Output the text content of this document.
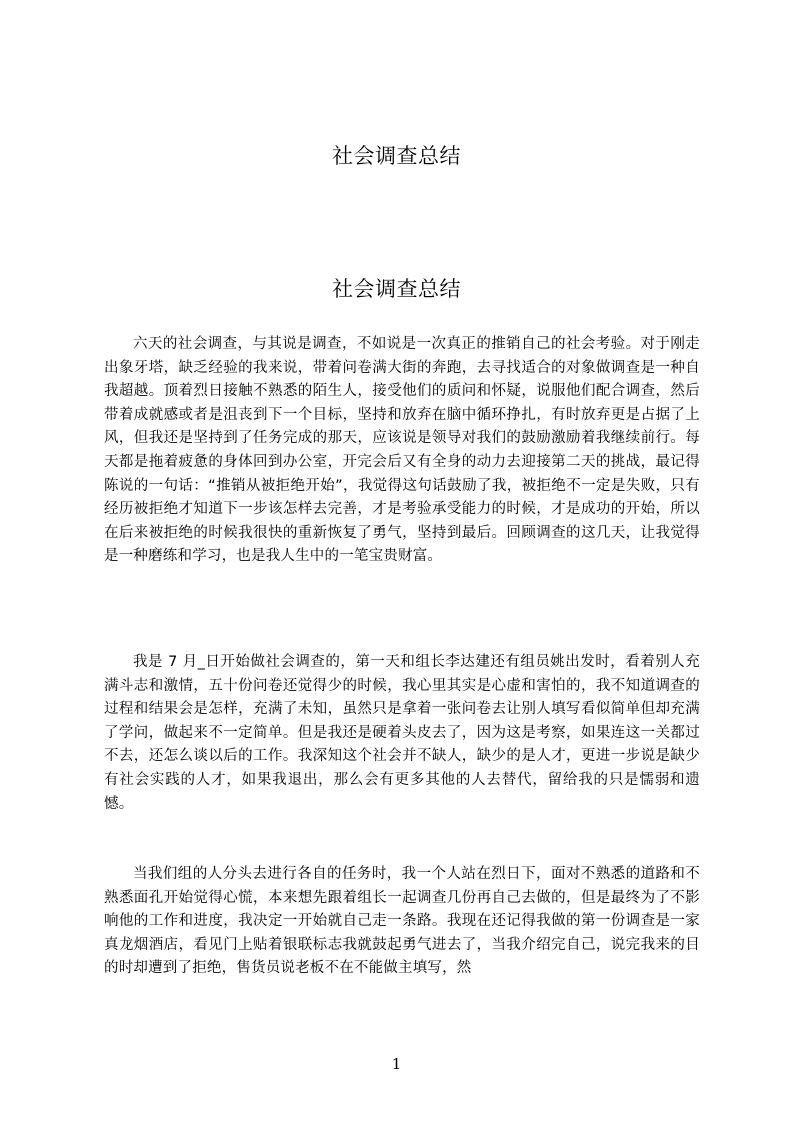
社会调查总结
社会调查总结

六天的社会调查，与其说是调查，不如说是一次真正的推销自己的社会考验。对于刚走出象牙塔，缺乏经验的我来说，带着问卷满大街的奔跑，去寻找适合的对象做调查是一种自我超越。顶着烈日接触不熟悉的陌生人，接受他们的质问和怀疑，说服他们配合调查，然后带着成就感或者是沮丧到下一个目标，坚持和放弃在脑中循环挣扎，有时放弃更是占据了上风，但我还是坚持到了任务完成的那天，应该说是领导对我们的鼓励激励着我继续前行。每天都是拖着疲惫的身体回到办公室，开完会后又有全身的动力去迎接第二天的挑战，最记得陈说的一句话：“推销从被拒绝开始”，我觉得这句话鼓励了我，被拒绝不一定是失败，只有经历被拒绝才知道下一步该怎样去完善，才是考验承受能力的时候，才是成功的开始，所以在后来被拒绝的时候我很快的重新恢复了勇气，坚持到最后。回顾调查的这几天，让我觉得是一种磨练和学习，也是我人生中的一笔宝贵财富。

我是 7 月_日开始做社会调查的，第一天和组长李达建还有组员姚出发时，看着别人充满斗志和激情，五十份问卷还觉得少的时候，我心里其实是心虚和害怕的，我不知道调查的过程和结果会是怎样，充满了未知，虽然只是拿着一张问卷去让别人填写看似简单但却充满了学问，做起来不一定简单。但是我还是硬着头皮去了，因为这是考察，如果连这一关都过不去，还怎么谈以后的工作。我深知这个社会并不缺人，缺少的是人才，更进一步说是缺少有社会实践的人才，如果我退出，那么会有更多其他的人去替代，留给我的只是懦弱和遗憾。

当我们组的人分头去进行各自的任务时，我一个人站在烈日下，面对不熟悉的道路和不熟悉面孔开始觉得心慌，本来想先跟着组长一起调查几份再自己去做的，但是最终为了不影响他的工作和进度，我决定一开始就自己走一条路。我现在还记得我做的第一份调查是一家真龙烟酒店，看见门上贴着银联标志我就鼓起勇气进去了，当我介绍完自己，说完我来的目的时却遭到了拒绝，售货员说老板不在不能做主填写，然

1
